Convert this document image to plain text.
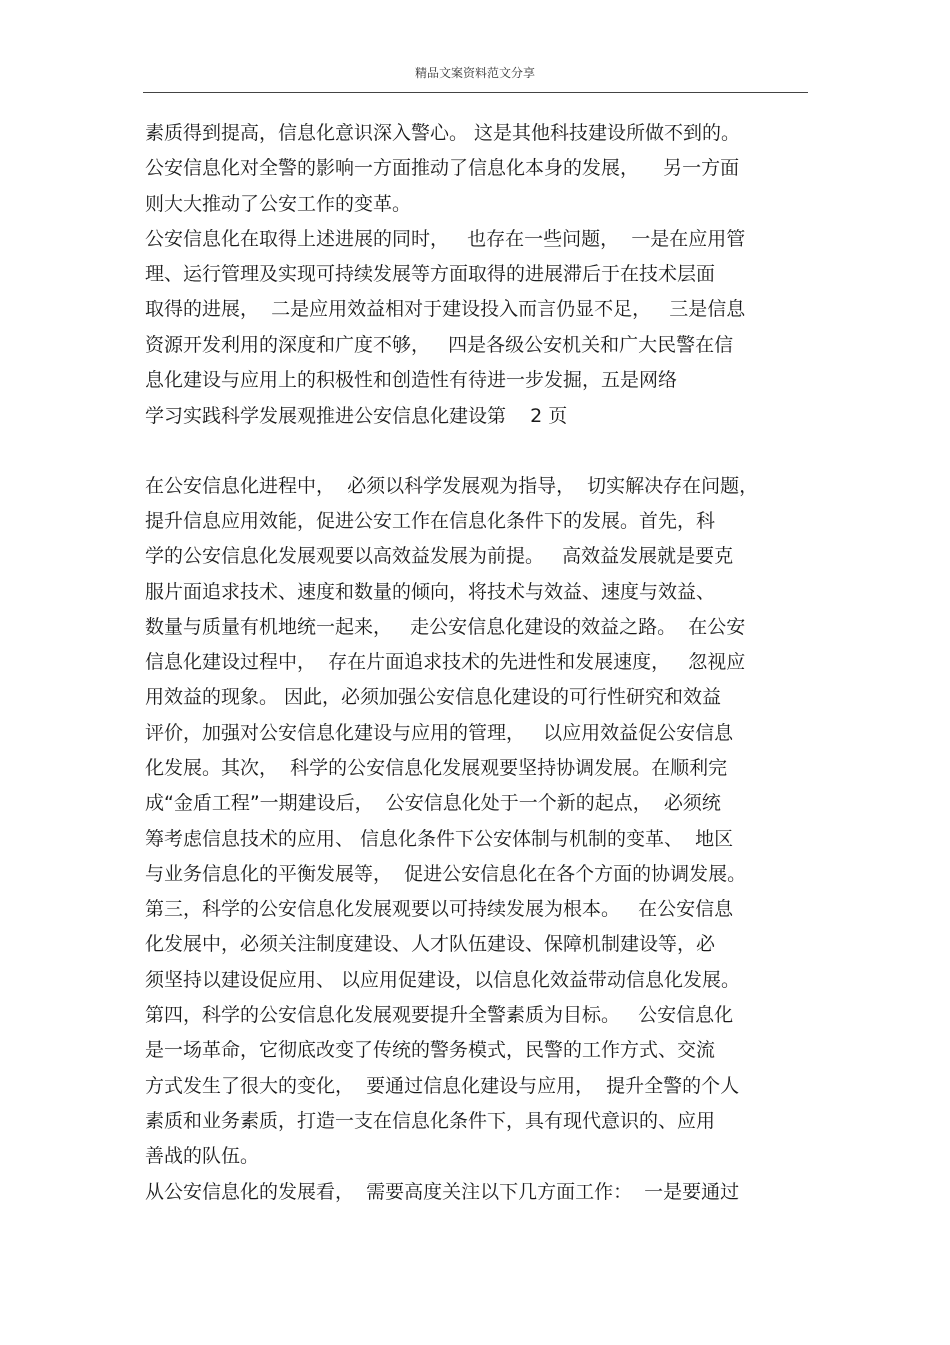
精品文案资料范文分享
素质得到提高，信息化意识深入警心。 这是其他科技建设所做不到的。
公安信息化对全警的影响一方面推动了信息化本身的发展，    另一方面
则大大推动了公安工作的变革。
公安信息化在取得上述进展的同时，   也存在一些问题，  一是在应用管
理、运行管理及实现可持续发展等方面取得的进展滞后于在技术层面
取得的进展，  二是应用效益相对于建设投入而言仍显不足，   三是信息
资源开发利用的深度和广度不够，   四是各级公安机关和广大民警在信
息化建设与应用上的积极性和创造性有待进一步发掘，五是网络
学习实践科学发展观推进公安信息化建设第    2 页
在公安信息化进程中，  必须以科学发展观为指导，  切实解决存在问题，
提升信息应用效能，促进公安工作在信息化条件下的发展。首先，科
学的公安信息化发展观要以高效益发展为前提。   高效益发展就是要克
服片面追求技术、速度和数量的倾向，将技术与效益、速度与效益、
数量与质量有机地统一起来，   走公安信息化建设的效益之路。  在公安
信息化建设过程中，  存在片面追求技术的先进性和发展速度，   忽视应
用效益的现象。 因此，必须加强公安信息化建设的可行性研究和效益
评价，加强对公安信息化建设与应用的管理，   以应用效益促公安信息
化发展。其次，  科学的公安信息化发展观要坚持协调发展。在顺利完
成“金盾工程”一期建设后，  公安信息化处于一个新的起点，  必须统
筹考虑信息技术的应用、 信息化条件下公安体制与机制的变革、  地区
与业务信息化的平衡发展等，  促进公安信息化在各个方面的协调发展。
第三，科学的公安信息化发展观要以可持续发展为根本。   在公安信息
化发展中，必须关注制度建设、人才队伍建设、保障机制建设等，必
须坚持以建设促应用、 以应用促建设，以信息化效益带动信息化发展。
第四，科学的公安信息化发展观要提升全警素质为目标。   公安信息化
是一场革命，它彻底改变了传统的警务模式，民警的工作方式、交流
方式发生了很大的变化，  要通过信息化建设与应用，  提升全警的个人
素质和业务素质，打造一支在信息化条件下，具有现代意识的、应用
善战的队伍。
从公安信息化的发展看，  需要高度关注以下几方面工作：  一是要通过
